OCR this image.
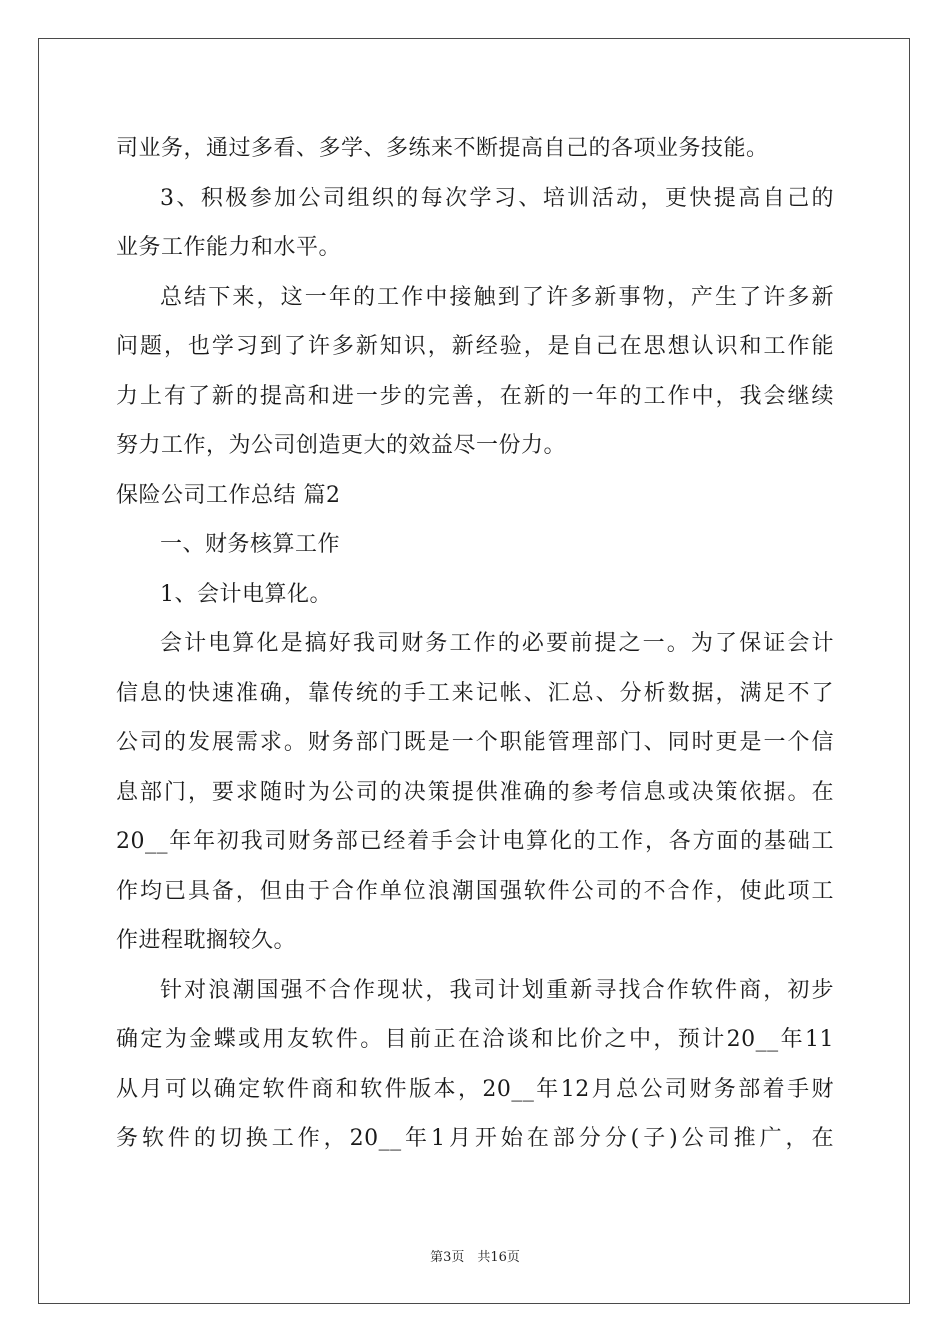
司业务，通过多看、多学、多练来不断提高自己的各项业务技能。
3、积极参加公司组织的每次学习、培训活动，更快提高自己的
业务工作能力和水平。
总结下来，这一年的工作中接触到了许多新事物，产生了许多新
问题，也学习到了许多新知识，新经验，是自己在思想认识和工作能
力上有了新的提高和进一步的完善，在新的一年的工作中，我会继续
努力工作，为公司创造更大的效益尽一份力。
保险公司工作总结 篇2
一、财务核算工作
1、会计电算化。
会计电算化是搞好我司财务工作的必要前提之一。为了保证会计
信息的快速准确，靠传统的手工来记帐、汇总、分析数据，满足不了
公司的发展需求。财务部门既是一个职能管理部门、同时更是一个信
息部门，要求随时为公司的决策提供准确的参考信息或决策依据。在
20__年年初我司财务部已经着手会计电算化的工作，各方面的基础工
作均已具备，但由于合作单位浪潮国强软件公司的不合作，使此项工
作进程耽搁较久。
针对浪潮国强不合作现状，我司计划重新寻找合作软件商，初步
确定为金蝶或用友软件。目前正在洽谈和比价之中，预计20__年11
从月可以确定软件商和软件版本，20__年12月总公司财务部着手财
务软件的切换工作，20__年1月开始在部分分(子)公司推广，在
第3页　共16页
